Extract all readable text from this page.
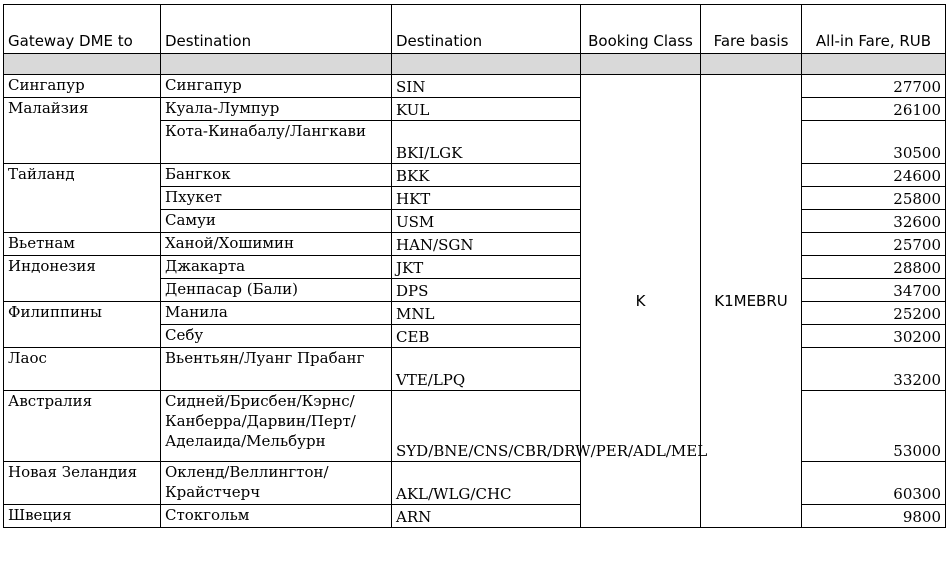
Gateway DME to	Destination	Destination	Booking Class	Fare basis	All-in Fare, RUB

Сингапур	Сингапур	SIN	K	K1MEBRU	27700
Малайзия	Куала-Лумпур	KUL			26100
	Кота-Кинабалу/Лангкави	BKI/LGK			30500
Тайланд	Бангкок	BKK			24600
	Пхукет	HKT			25800
	Самуи	USM			32600
Вьетнам	Ханой/Хошимин	HAN/SGN			25700
Индонезия	Джакарта	JKT			28800
	Денпасар (Бали)	DPS			34700
Филиппины	Манила	MNL			25200
	Себу	CEB			30200
Лаос	Вьентьян/Луанг Прабанг	VTE/LPQ			33200
Австралия	Сидней/Брисбен/Кэрнс/Канберра/Дарвин/Перт/Аделаида/Мельбурн	SYD/BNE/CNS/CBR/DRW/PER/ADL/MEL			53000
Новая Зеландия	Окленд/Веллингтон/Крайстчерч	AKL/WLG/CHC			60300
Швеция	Стокгольм	ARN			9800
